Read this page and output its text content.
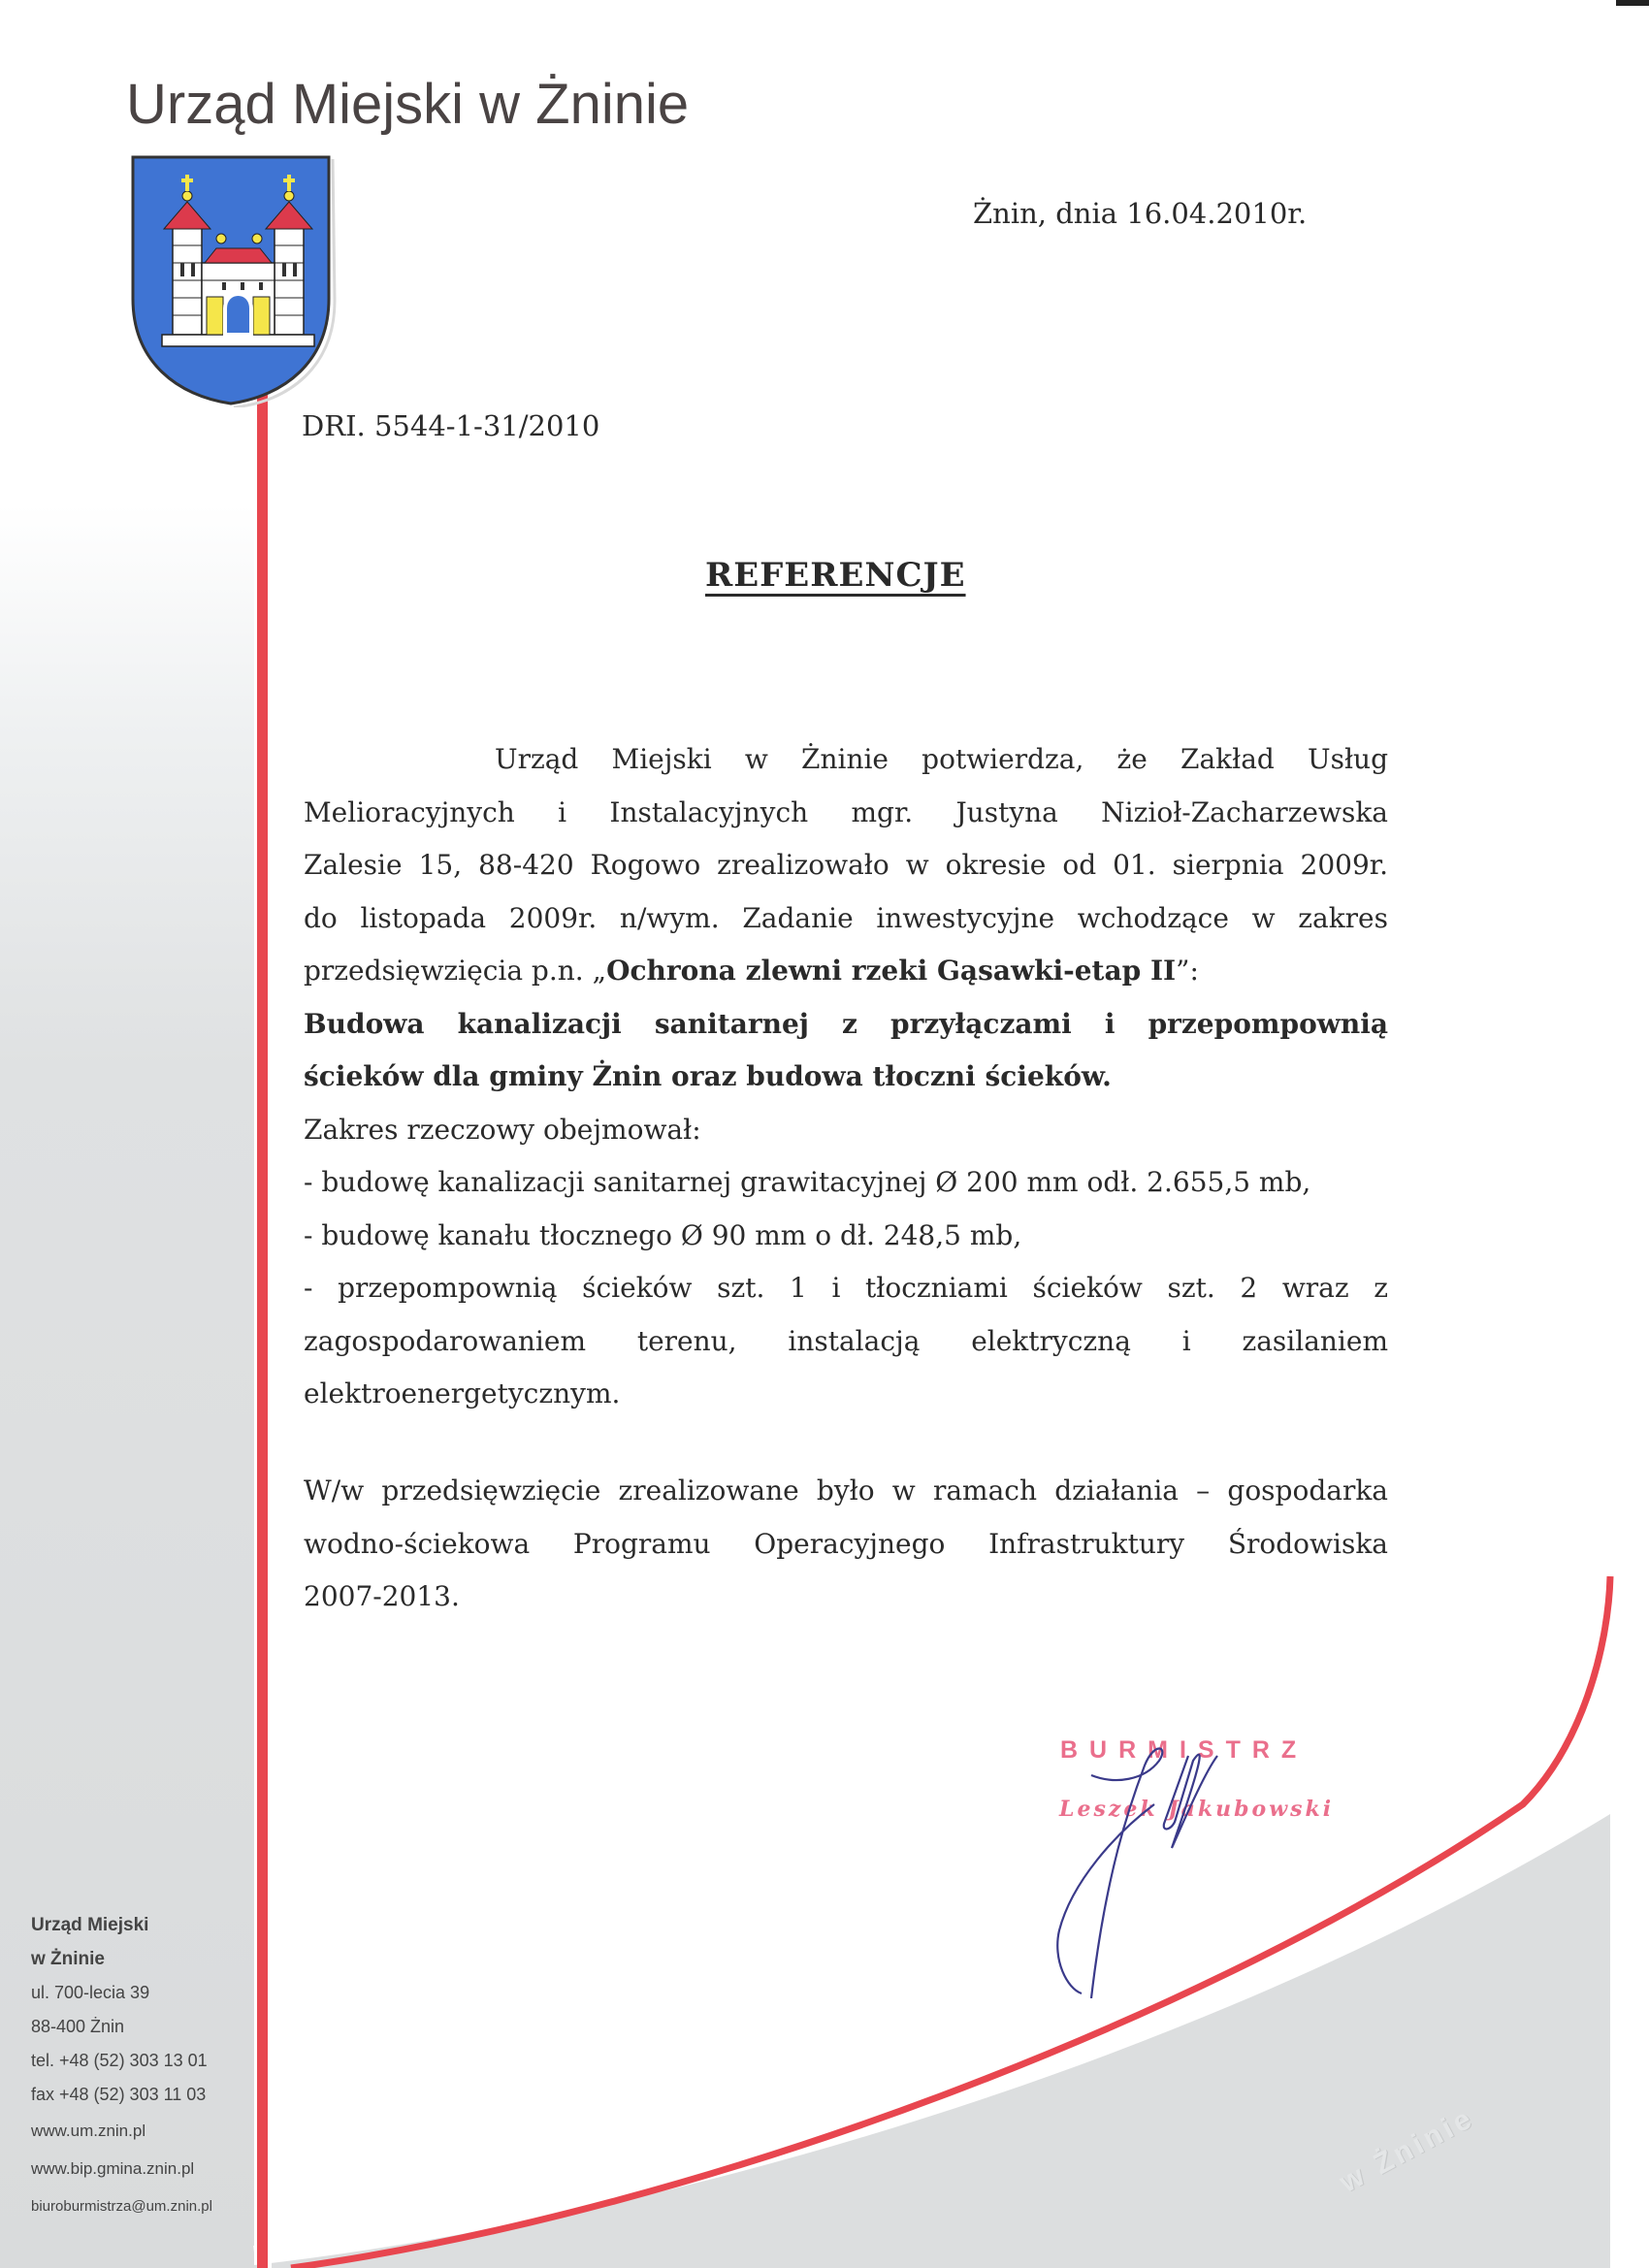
Urząd Miejski w Żninie
Żnin, dnia 16.04.2010r.
DRI. 5544-1-31/2010
REFERENCJE

Urząd Miejski w Żninie potwierdza, że Zakład Usług

Melioracyjnych i Instalacyjnych mgr. Justyna Nizioł-Zacharzewska

Zalesie 15, 88-420 Rogowo zrealizowało w okresie od 01. sierpnia 2009r.

do listopada 2009r. n/wym. Zadanie inwestycyjne wchodzące w zakres

przedsięwzięcia p.n. „Ochrona zlewni rzeki Gąsawki-etap II”:

Budowa kanalizacji sanitarnej z przyłączami i przepompownią

ścieków dla gminy Żnin oraz budowa tłoczni ścieków.

Zakres rzeczowy obejmował:

- budowę kanalizacji sanitarnej grawitacyjnej Ø 200 mm odł. 2.655,5 mb,

- budowę kanału tłocznego Ø 90 mm o dł. 248,5 mb,

- przepompownią ścieków szt. 1 i tłoczniami ścieków szt. 2 wraz z

zagospodarowaniem terenu, instalacją elektryczną i zasilaniem

elektroenergetycznym.

W/w przedsięwzięcie zrealizowane było w ramach działania – gospodarka

wodno-ściekowa Programu Operacyjnego Infrastruktury Środowiska

2007-2013.

BURMISTRZ
Leszek Jakubowski
w Żninie
Urząd Miejski
w Żninie
ul. 700-lecia 39
88-400 Żnin
tel. +48 (52) 303 13 01
fax +48 (52) 303 11 03
www.um.znin.pl
www.bip.gmina.znin.pl
biuroburmistrza@um.znin.pl
